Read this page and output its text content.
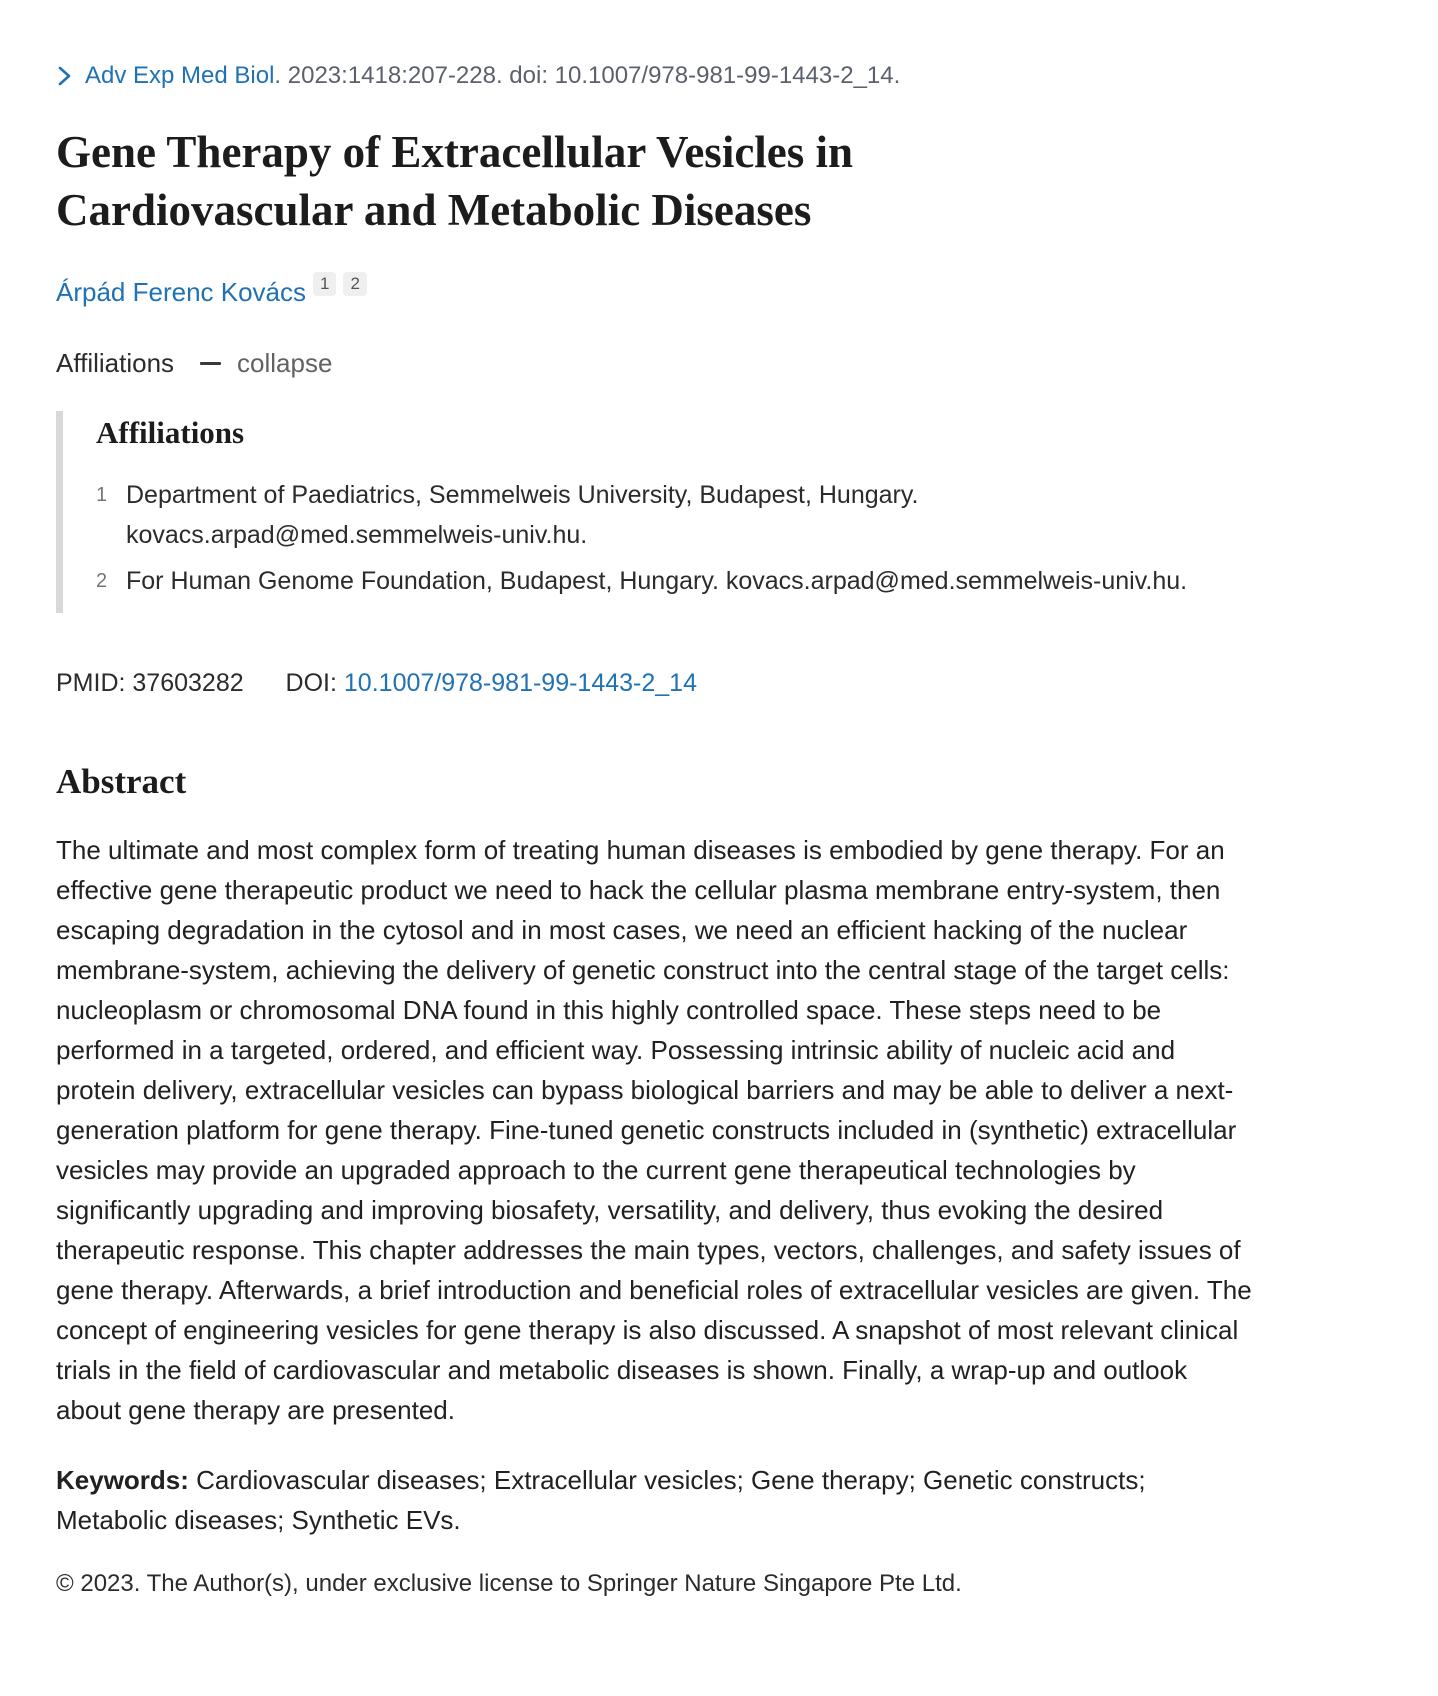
Adv Exp Med Biol. 2023:1418:207-228. doi: 10.1007/978-981-99-1443-2_14.
Gene Therapy of Extracellular Vesicles in Cardiovascular and Metabolic Diseases
Árpád Ferenc Kovács 1 2
Affiliations collapse
Affiliations
1 Department of Paediatrics, Semmelweis University, Budapest, Hungary. kovacs.arpad@med.semmelweis-univ.hu.
2 For Human Genome Foundation, Budapest, Hungary. kovacs.arpad@med.semmelweis-univ.hu.
PMID: 37603282 DOI: 10.1007/978-981-99-1443-2_14
Abstract

The ultimate and most complex form of treating human diseases is embodied by gene therapy. For an effective gene therapeutic product we need to hack the cellular plasma membrane entry-system, then escaping degradation in the cytosol and in most cases, we need an efficient hacking of the nuclear membrane-system, achieving the delivery of genetic construct into the central stage of the target cells: nucleoplasm or chromosomal DNA found in this highly controlled space. These steps need to be performed in a targeted, ordered, and efficient way. Possessing intrinsic ability of nucleic acid and protein delivery, extracellular vesicles can bypass biological barriers and may be able to deliver a next-generation platform for gene therapy. Fine-tuned genetic constructs included in (synthetic) extracellular vesicles may provide an upgraded approach to the current gene therapeutical technologies by significantly upgrading and improving biosafety, versatility, and delivery, thus evoking the desired therapeutic response. This chapter addresses the main types, vectors, challenges, and safety issues of gene therapy. Afterwards, a brief introduction and beneficial roles of extracellular vesicles are given. The concept of engineering vesicles for gene therapy is also discussed. A snapshot of most relevant clinical trials in the field of cardiovascular and metabolic diseases is shown. Finally, a wrap-up and outlook about gene therapy are presented.

Keywords: Cardiovascular diseases; Extracellular vesicles; Gene therapy; Genetic constructs; Metabolic diseases; Synthetic EVs.

© 2023. The Author(s), under exclusive license to Springer Nature Singapore Pte Ltd.
